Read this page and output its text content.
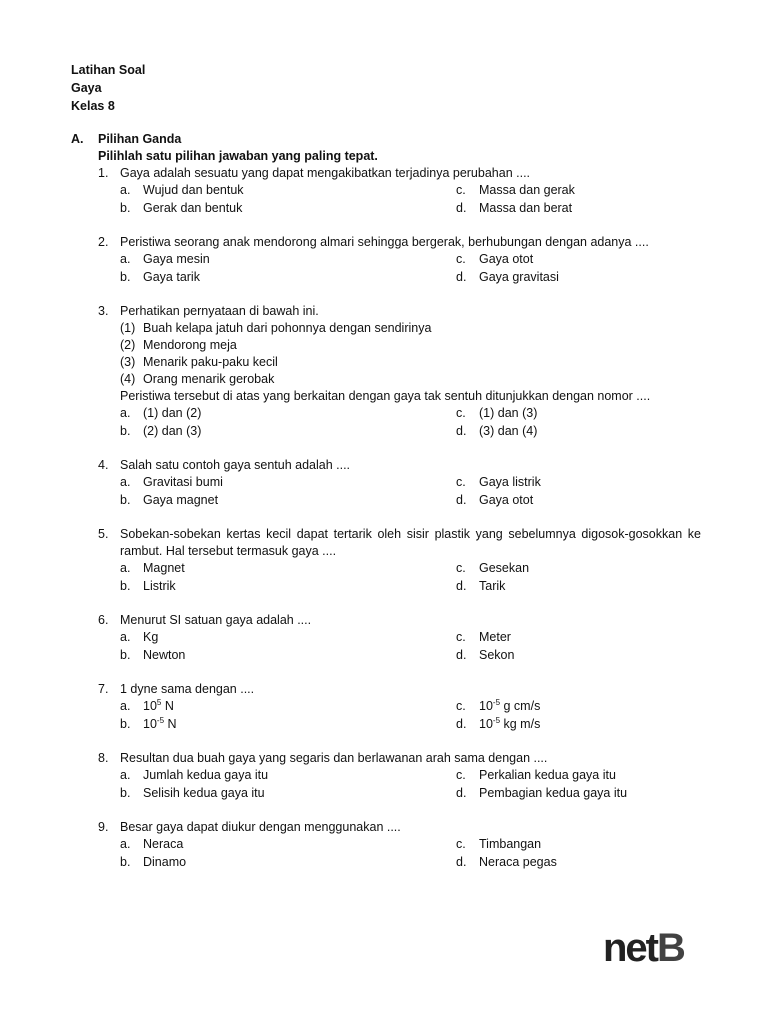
Latihan Soal
Gaya
Kelas 8
A.	Pilihan Ganda
Pilihlah satu pilihan jawaban yang paling tepat.
1. Gaya adalah sesuatu yang dapat mengakibatkan terjadinya perubahan ....
a.	Wujud dan bentuk	c.	Massa dan gerak
b.	Gerak dan bentuk	d.	Massa dan berat
2. Peristiwa seorang anak mendorong almari sehingga bergerak, berhubungan dengan adanya ....
a.	Gaya mesin	c.	Gaya otot
b.	Gaya tarik	d.	Gaya gravitasi
3. Perhatikan pernyataan di bawah ini.
(1) Buah kelapa jatuh dari pohonnya dengan sendirinya
(2) Mendorong meja
(3) Menarik paku-paku kecil
(4) Orang menarik gerobak
Peristiwa tersebut di atas yang berkaitan dengan gaya tak sentuh ditunjukkan dengan nomor ....
a.	(1) dan (2)	c.	(1) dan (3)
b.	(2) dan (3)	d.	(3) dan (4)
4. Salah satu contoh gaya sentuh adalah ....
a.	Gravitasi bumi	c.	Gaya listrik
b.	Gaya magnet	d.	Gaya otot
5. Sobekan-sobekan kertas kecil dapat tertarik oleh sisir plastik yang sebelumnya digosok-gosokkan ke rambut. Hal tersebut termasuk gaya ....
a.	Magnet	c.	Gesekan
b.	Listrik	d.	Tarik
6. Menurut SI satuan gaya adalah ....
a.	Kg	c.	Meter
b.	Newton	d.	Sekon
7. 1 dyne sama dengan ....
a.	$10^5$ N	c.	$10^{-5}$ g cm/s
b.	$10^{-5}$ N	d.	$10^{-5}$ kg m/s
8. Resultan dua buah gaya yang segaris dan berlawanan arah sama dengan ....
a.	Jumlah kedua gaya itu	c.	Perkalian kedua gaya itu
b.	Selisih kedua gaya itu	d.	Pembagian kedua gaya itu
9. Besar gaya dapat diukur dengan menggunakan ....
a.	Neraca	c.	Timbangan
b.	Dinamo	d.	Neraca pegas
netB
